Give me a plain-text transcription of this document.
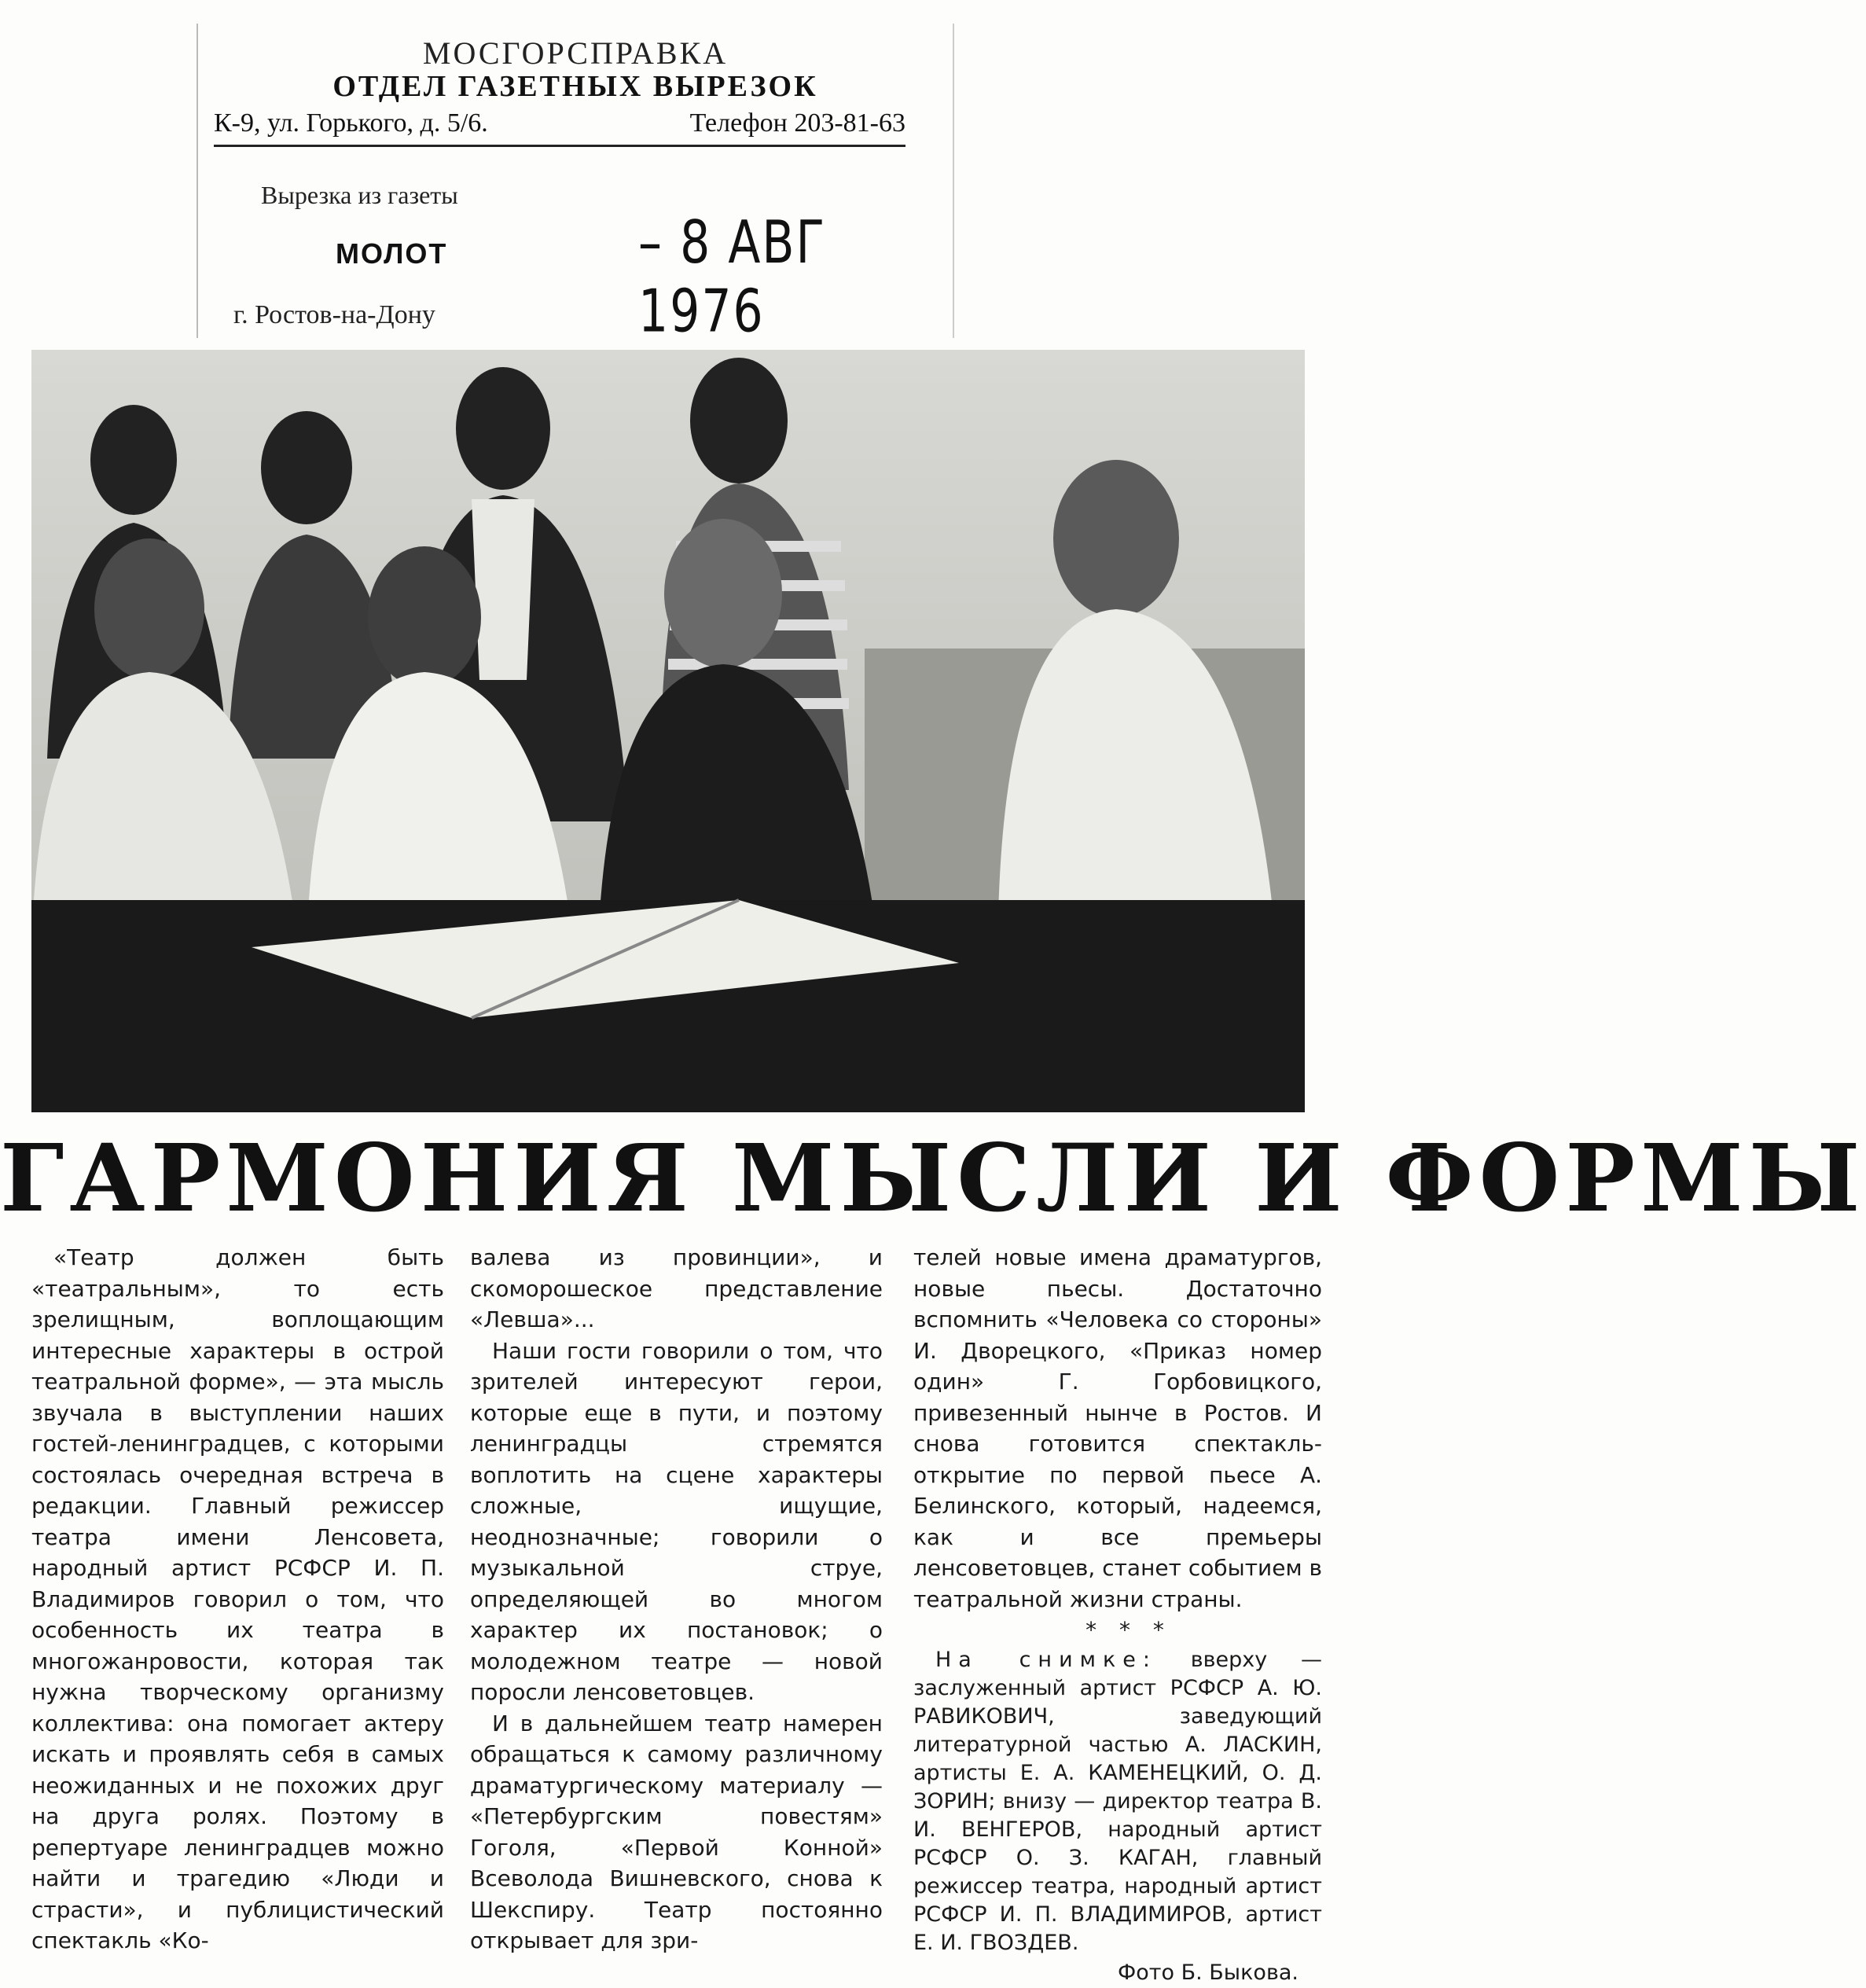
МОСГОРСПРАВКА
ОТДЕЛ ГАЗЕТНЫХ ВЫРЕЗОК
К-9, ул. Горького, д. 5/6.	Телефон 203-81-63
Вырезка из газеты
МОЛОТ	– 8 АВГ 1976
г. Ростов-на-Дону
ГАРМОНИЯ МЫСЛИ И ФОРМЫ

«Театр должен быть «театральным», то есть зрелищным, воплощающим интересные характеры в острой театральной форме», — эта мысль звучала в выступлении наших гостей-ленинградцев, с которыми состоялась очередная встреча в редакции. Главный режиссер театра имени Ленсовета, народный артист РСФСР И. П. Владимиров говорил о том, что особенность их театра в многожанровости, которая так нужна творческому организму коллектива: она помогает актеру искать и проявлять себя в самых неожиданных и не похожих друг на друга ролях. Поэтому в репертуаре ленинградцев можно найти и трагедию «Люди и страсти», и публицистический спектакль «Ко-

валева из провинции», и скоморошеское представление «Левша»...

Наши гости говорили о том, что зрителей интересуют герои, которые еще в пути, и поэтому ленинградцы стремятся воплотить на сцене характеры сложные, ищущие, неоднозначные; говорили о музыкальной струе, определяющей во многом характер их постановок; о молодежном театре — новой поросли ленсоветовцев.

И в дальнейшем театр намерен обращаться к самому различному драматургическому материалу — «Петербургским повестям» Гоголя, «Первой Конной» Всеволода Вишневского, снова к Шекспиру. Театр постоянно открывает для зри-

телей новые имена драматургов, новые пьесы. Достаточно вспомнить «Человека со стороны» И. Дворецкого, «Приказ номер один» Г. Горбовицкого, привезенный нынче в Ростов. И снова готовится спектакль-открытие по первой пьесе А. Белинского, который, надеемся, как и все премьеры ленсоветовцев, станет событием в театральной жизни страны.

* * *

На снимке: вверху — заслуженный артист РСФСР А. Ю. РАВИКОВИЧ, заведующий литературной частью А. ЛАСКИН, артисты Е. А. КАМЕНЕЦКИЙ, О. Д. ЗОРИН; внизу — директор театра В. И. ВЕНГЕРОВ, народный артист РСФСР О. З. КАГАН, главный режиссер театра, народный артист РСФСР И. П. ВЛАДИМИРОВ, артист Е. И. ГВОЗДЕВ.

Фото Б. Быкова.
